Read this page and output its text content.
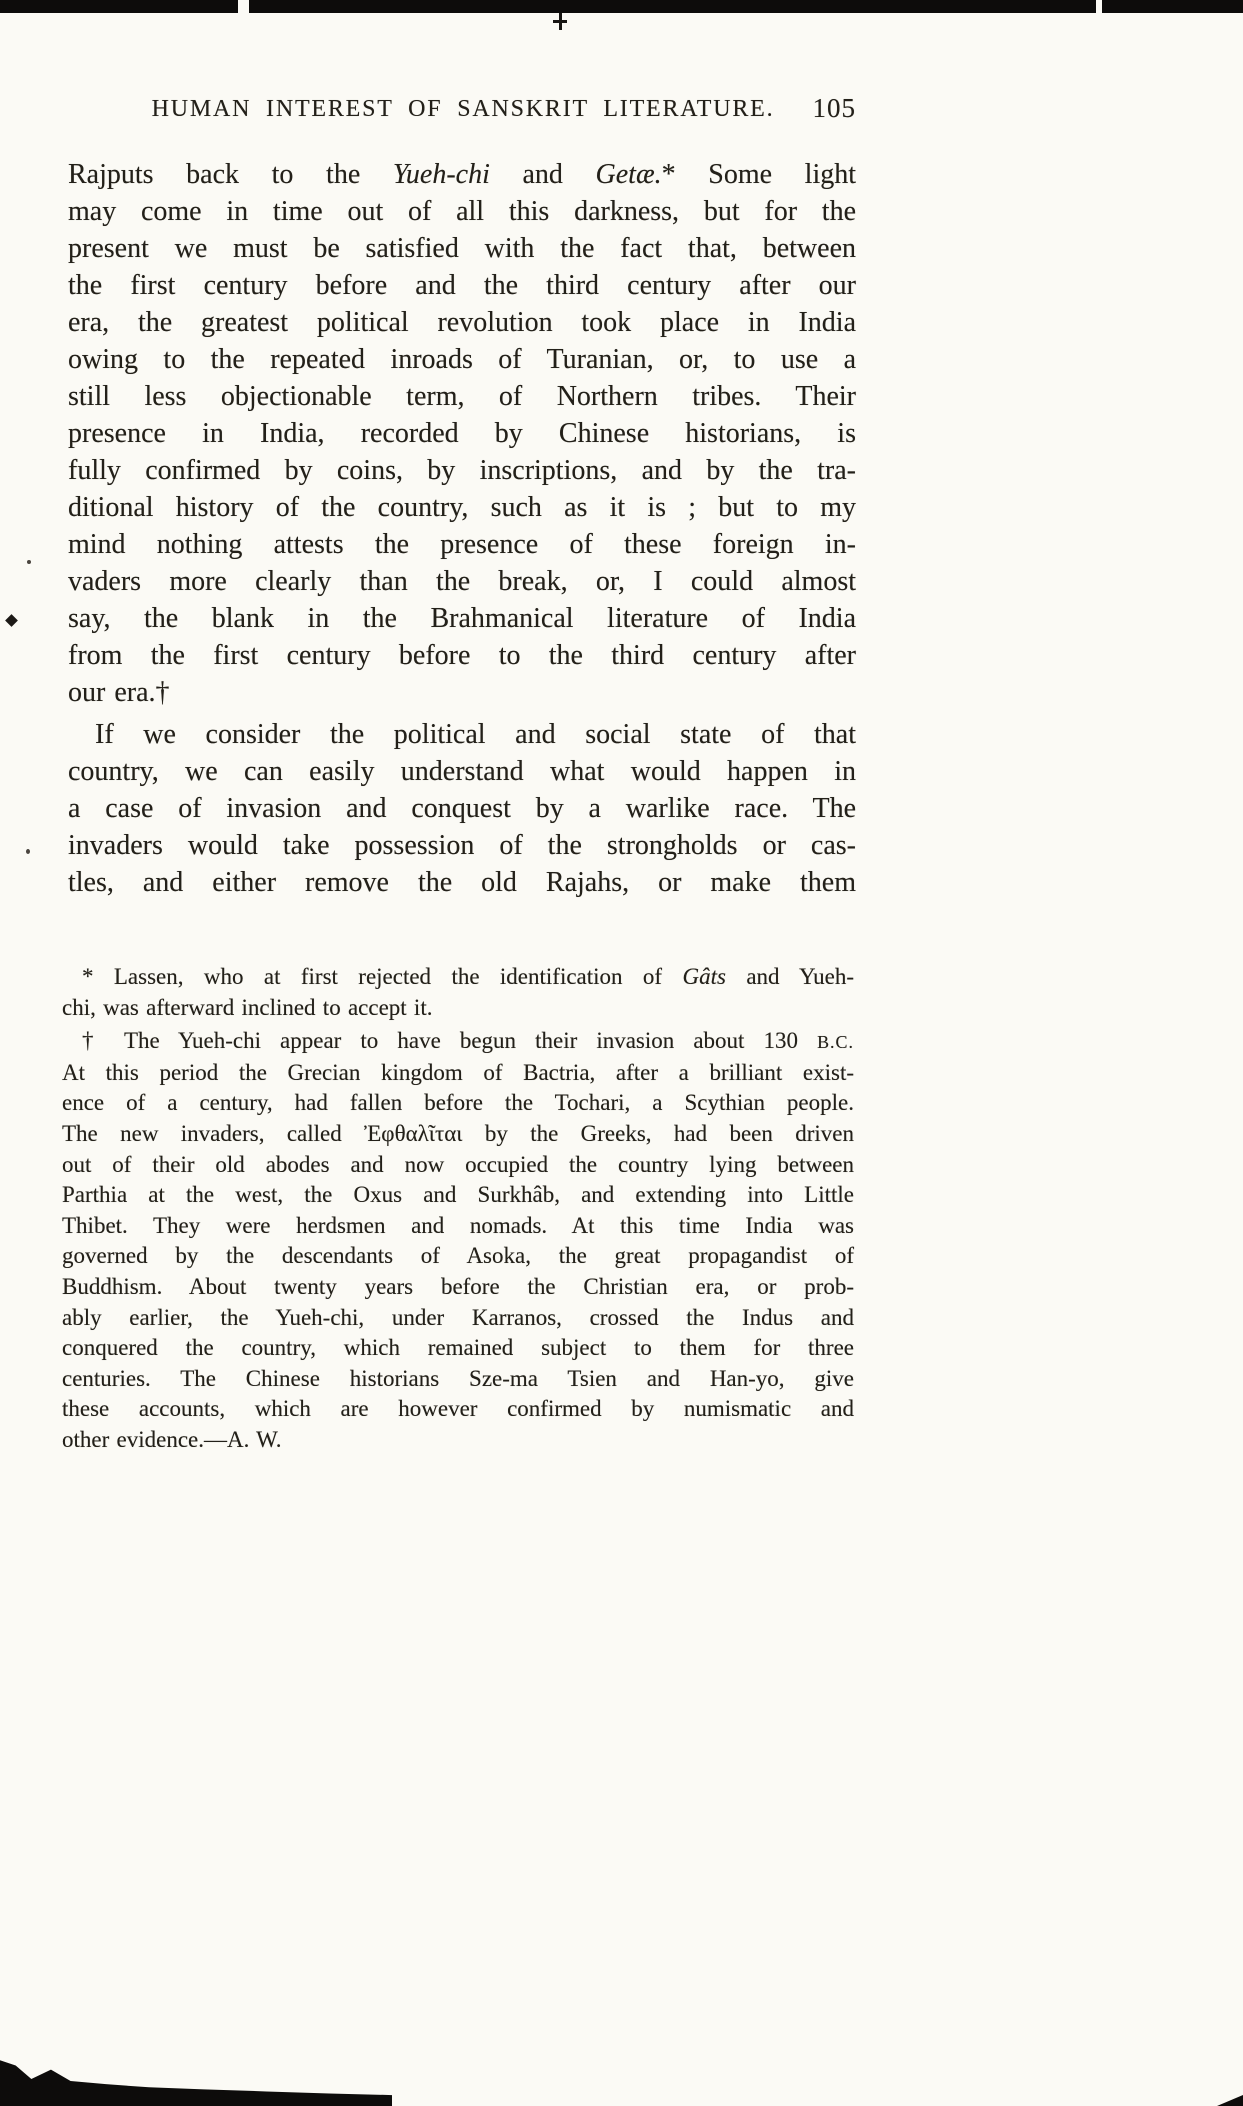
HUMAN INTEREST OF SANSKRIT LITERATURE.	105
Rajputs back to the Yueh-chi and Getæ.* Some light
may come in time out of all this darkness, but for the
present we must be satisfied with the fact that, between
the first century before and the third century after our
era, the greatest political revolution took place in India
owing to the repeated inroads of Turanian, or, to use a
still less objectionable term, of Northern tribes. Their
presence in India, recorded by Chinese historians, is
fully confirmed by coins, by inscriptions, and by the tra-
ditional history of the country, such as it is ; but to my
mind nothing attests the presence of these foreign in-
vaders more clearly than the break, or, I could almost
say, the blank in the Brahmanical literature of India
from the first century before to the third century after
our era.†
If we consider the political and social state of that
country, we can easily understand what would happen in
a case of invasion and conquest by a warlike race. The
invaders would take possession of the strongholds or cas-
tles, and either remove the old Rajahs, or make them
* Lassen, who at first rejected the identification of Gâts and Yueh-
chi, was afterward inclined to accept it.
† The Yueh-chi appear to have begun their invasion about 130 B.C.
At this period the Grecian kingdom of Bactria, after a brilliant exist-
ence of a century, had fallen before the Tochari, a Scythian people.
The new invaders, called Ἐφθαλῖται by the Greeks, had been driven
out of their old abodes and now occupied the country lying between
Parthia at the west, the Oxus and Surkhâb, and extending into Little
Thibet. They were herdsmen and nomads. At this time India was
governed by the descendants of Asoka, the great propagandist of
Buddhism. About twenty years before the Christian era, or prob-
ably earlier, the Yueh-chi, under Karranos, crossed the Indus and
conquered the country, which remained subject to them for three
centuries. The Chinese historians Sze-ma Tsien and Han-yo, give
these accounts, which are however confirmed by numismatic and
other evidence.—A. W.
